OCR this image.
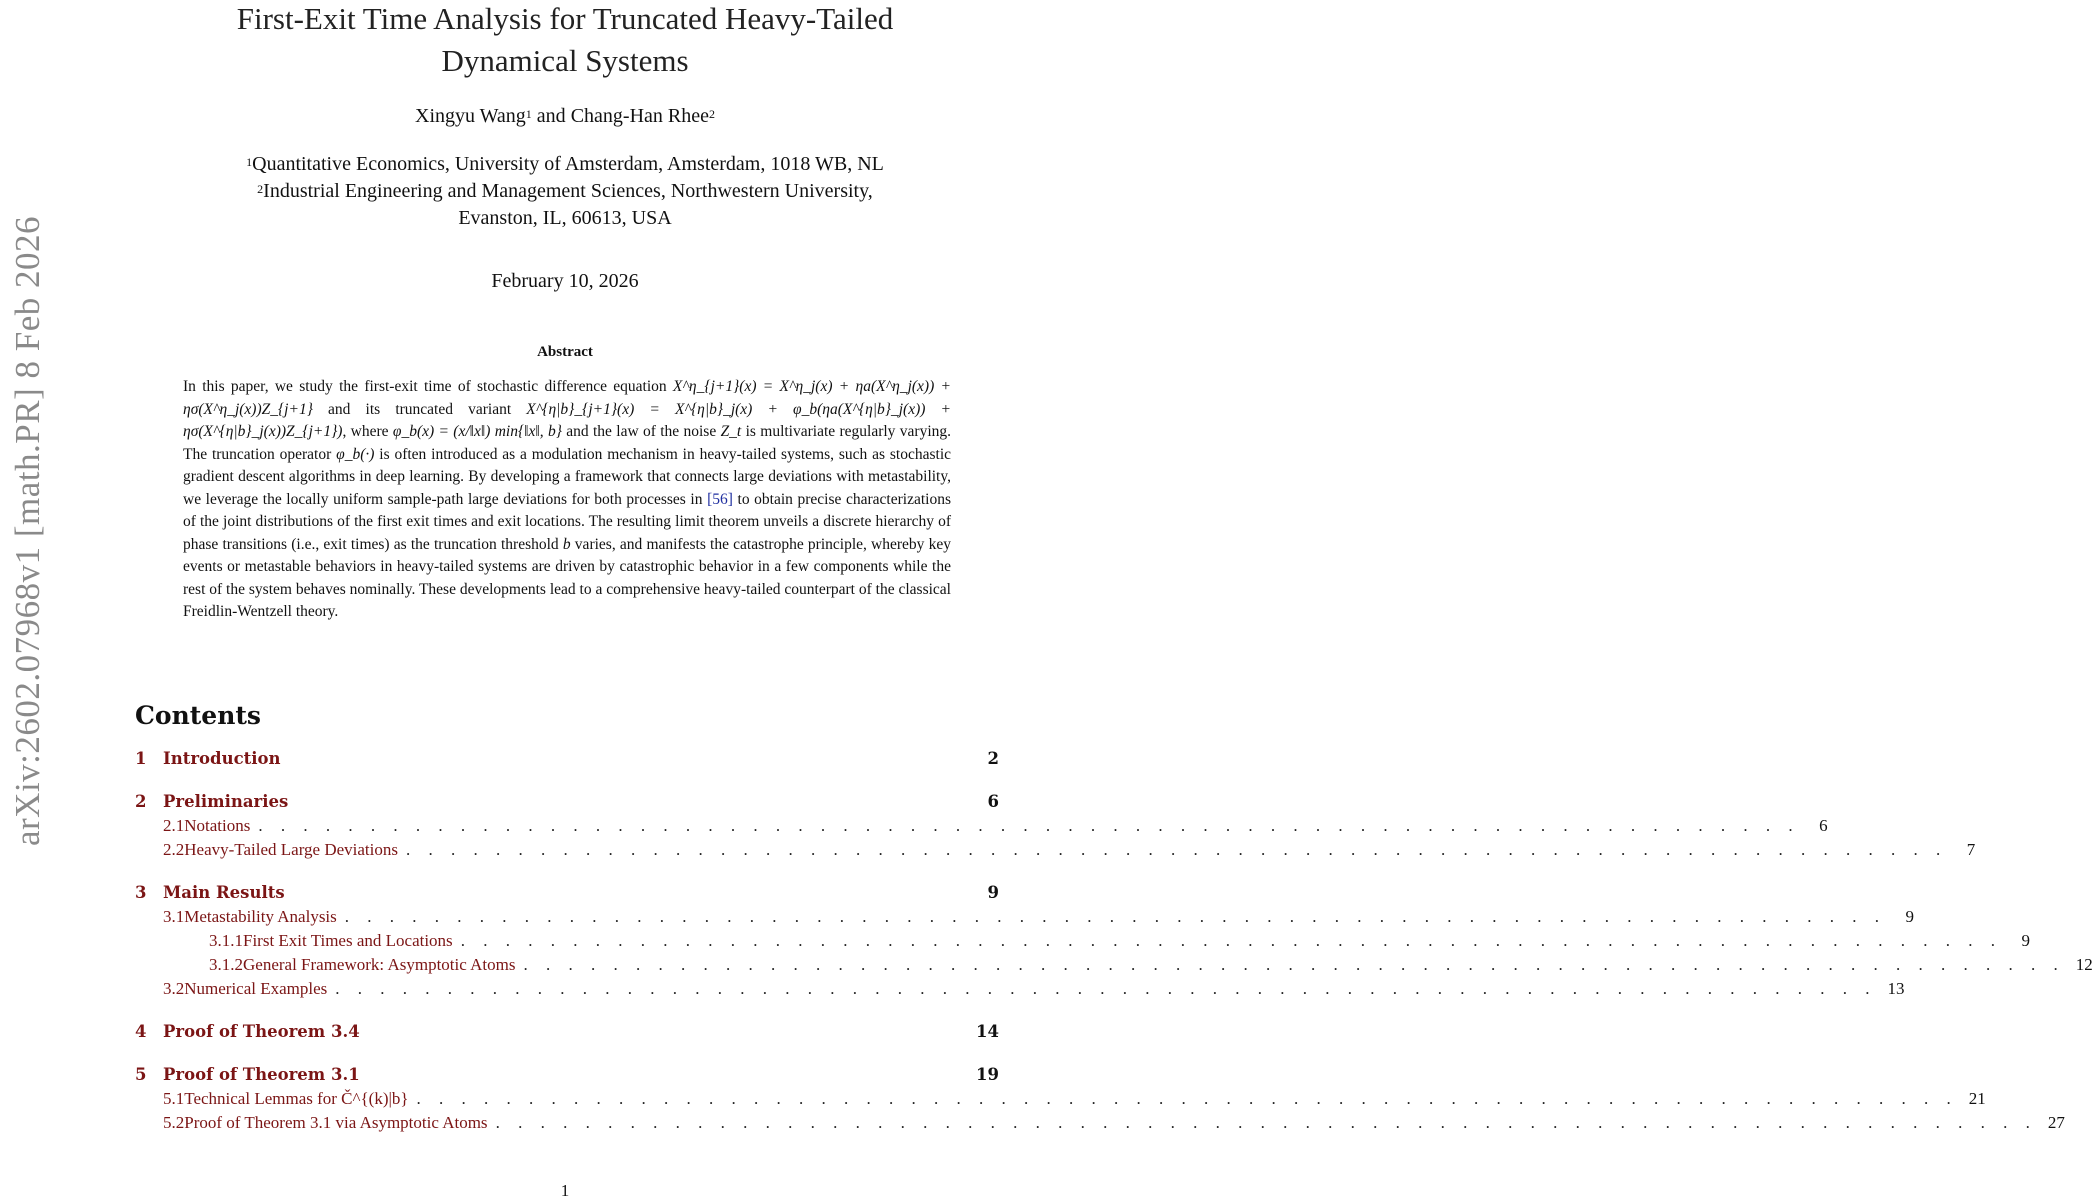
arXiv:2602.07968v1 [math.PR] 8 Feb 2026
First-Exit Time Analysis for Truncated Heavy-Tailed
Dynamical Systems
Xingyu Wang$^1$ and Chang-Han Rhee$^2$
$^1$Quantitative Economics, University of Amsterdam, Amsterdam, 1018 WB, NL
$^2$Industrial Engineering and Management Sciences, Northwestern University,
Evanston, IL, 60613, USA
February 10, 2026
Abstract

In this paper, we study the first-exit time of stochastic difference equation X^η_{j+1}(x) = X^η_j(x) + ηa(X^η_j(x)) + ησ(X^η_j(x))Z_{j+1} and its truncated variant X^{η|b}_{j+1}(x) = X^{η|b}_j(x) + φ_b(ηa(X^{η|b}_j(x)) + ησ(X^{η|b}_j(x))Z_{j+1}), where φ_b(x) = (x/‖x‖) min{‖x‖, b} and the law of the noise Z_t is multivariate regularly varying. The truncation operator φ_b(·) is often introduced as a modulation mechanism in heavy-tailed systems, such as stochastic gradient descent algorithms in deep learning. By developing a framework that connects large deviations with metastability, we leverage the locally uniform sample-path large deviations for both processes in [56] to obtain precise characterizations of the joint distributions of the first exit times and exit locations. The resulting limit theorem unveils a discrete hierarchy of phase transitions (i.e., exit times) as the truncation threshold b varies, and manifests the catastrophe principle, whereby key events or metastable behaviors in heavy-tailed systems are driven by catastrophic behavior in a few components while the rest of the system behaves nominally. These developments lead to a comprehensive heavy-tailed counterpart of the classical Freidlin-Wentzell theory.

Contents
1	Introduction	2
2	Preliminaries	6
2.1 Notations . . . . . . . . . . . . . . . . . . . . . . . . . . . . . . . . . . . . . . . . . . . . . . . . . . . . . . . . . . . . . . . . . . . . .	6
2.2 Heavy-Tailed Large Deviations . . . . . . . . . . . . . . . . . . . . . . . . . . . . . . . . . . . . . . . . . . . . . . . . . . . . . . . . . . . . . . . . . . . . .	7
3	Main Results	9
3.1 Metastability Analysis . . . . . . . . . . . . . . . . . . . . . . . . . . . . . . . . . . . . . . . . . . . . . . . . . . . . . . . . . . . . . . . . . . . . .	9
3.1.1 First Exit Times and Locations . . . . . . . . . . . . . . . . . . . . . . . . . . . . . . . . . . . . . . . . . . . . . . . . . . . . . . . . . . . . . . . . . . . . .	9
3.1.2 General Framework: Asymptotic Atoms . . . . . . . . . . . . . . . . . . . . . . . . . . . . . . . . . . . . . . . . . . . . . . . . . . . . . . . . . . . . . . . . . . . . . 12
3.2 Numerical Examples . . . . . . . . . . . . . . . . . . . . . . . . . . . . . . . . . . . . . . . . . . . . . . . . . . . . . . . . . . . . . . . . . . . . . 13
4	Proof of Theorem 3.4	14
5	Proof of Theorem 3.1	19
5.1 Technical Lemmas for Č^{(k)|b} . . . . . . . . . . . . . . . . . . . . . . . . . . . . . . . . . . . . . . . . . . . . . . . . . . . . . . . . . . . . . . . . . . . . . 21
5.2 Proof of Theorem 3.1 via Asymptotic Atoms . . . . . . . . . . . . . . . . . . . . . . . . . . . . . . . . . . . . . . . . . . . . . . . . . . . . . . . . . . . . . . . . . . . . . 27
1
